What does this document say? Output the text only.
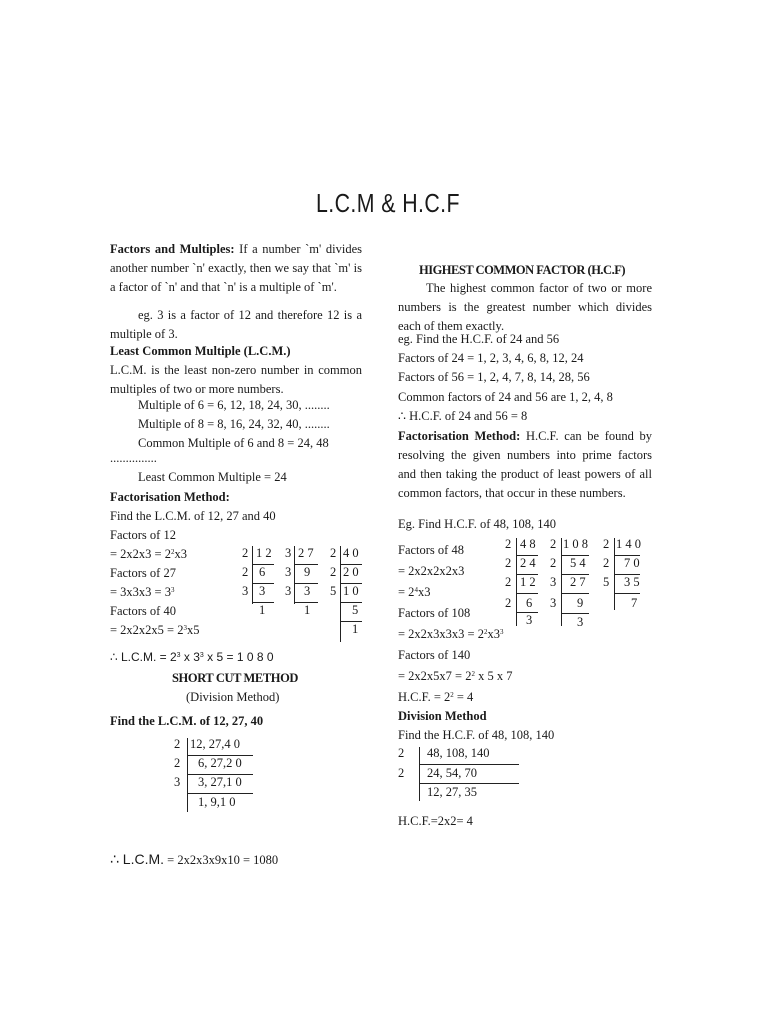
L.C.M & H.C.F
Factors and Multiples: If a number `m' divides another number `n' exactly, then we say that `m' is a factor of `n' and that `n' is a multiple of `m'.
eg. 3 is a factor of 12 and therefore 12 is a multiple of 3.
Least Common Multiple (L.C.M.)
L.C.M. is the least non-zero number in common multiples of two or more numbers.
Multiple of 6 = 6, 12, 18, 24, 30, ........
Multiple of 8 = 8, 16, 24, 32, 40, ........
Common Multiple of 6 and 8 = 24, 48
...............
Least Common Multiple = 24
Factorisation Method:
Find the L.C.M. of 12, 27 and 40
Factors of 12
= $2x2x3 = 2^2x3$
Factors of 27
= $3x3x3 = 3^3$
Factors of 40
= $2x2x2x5 = 2^3x5$
2
2
3
1 2
6
3
1
3
3
3
2 7
9
3
1
2
2
5
4 0
2 0
1 0
5
1
∴ L.C.M. = $2^3$ x $3^3$ x 5 = 1 0 8 0
SHORT CUT METHOD
(Division Method)
Find the L.C.M. of 12, 27, 40
2
2
3
12, 27,4 0
6, 27,2 0
3, 27,1 0
1, 9,1 0
∴ L.C.M. = 2x2x3x9x10 = 1080
HIGHEST COMMON FACTOR (H.C.F)
The highest common factor of two or more numbers is the greatest number which divides each of them exactly.
eg. Find the H.C.F. of 24 and 56
Factors of 24 = 1, 2, 3, 4, 6, 8, 12, 24
Factors of 56 = 1, 2, 4, 7, 8, 14, 28, 56
Common factors of 24 and 56 are 1, 2, 4, 8
∴ H.C.F. of 24 and 56 = 8
Factorisation Method: H.C.F. can be found by resolving the given numbers into prime factors and then taking the product of least powers of all common factors, that occur in these numbers.
Eg. Find H.C.F. of 48, 108, 140
Factors of 48
= 2x2x2x2x3
= $2^4x3$
Factors of 108
= $2x2x3x3x3 = 2^2x3^3$
Factors of 140
= $2x2x5x7 = 2^2$ x 5 x 7
H.C.F. = $2^2 = 4$
2
2
2
2
4 8
2 4
1 2
6
3
2
2
3
3
1 0 8
5 4
2 7
9
3
2
2
5
1 4 0
7 0
3 5
7
Division Method
Find the H.C.F. of 48, 108, 140
2
2
48, 108, 140
24, 54, 70
12, 27, 35
H.C.F.=2x2= 4
